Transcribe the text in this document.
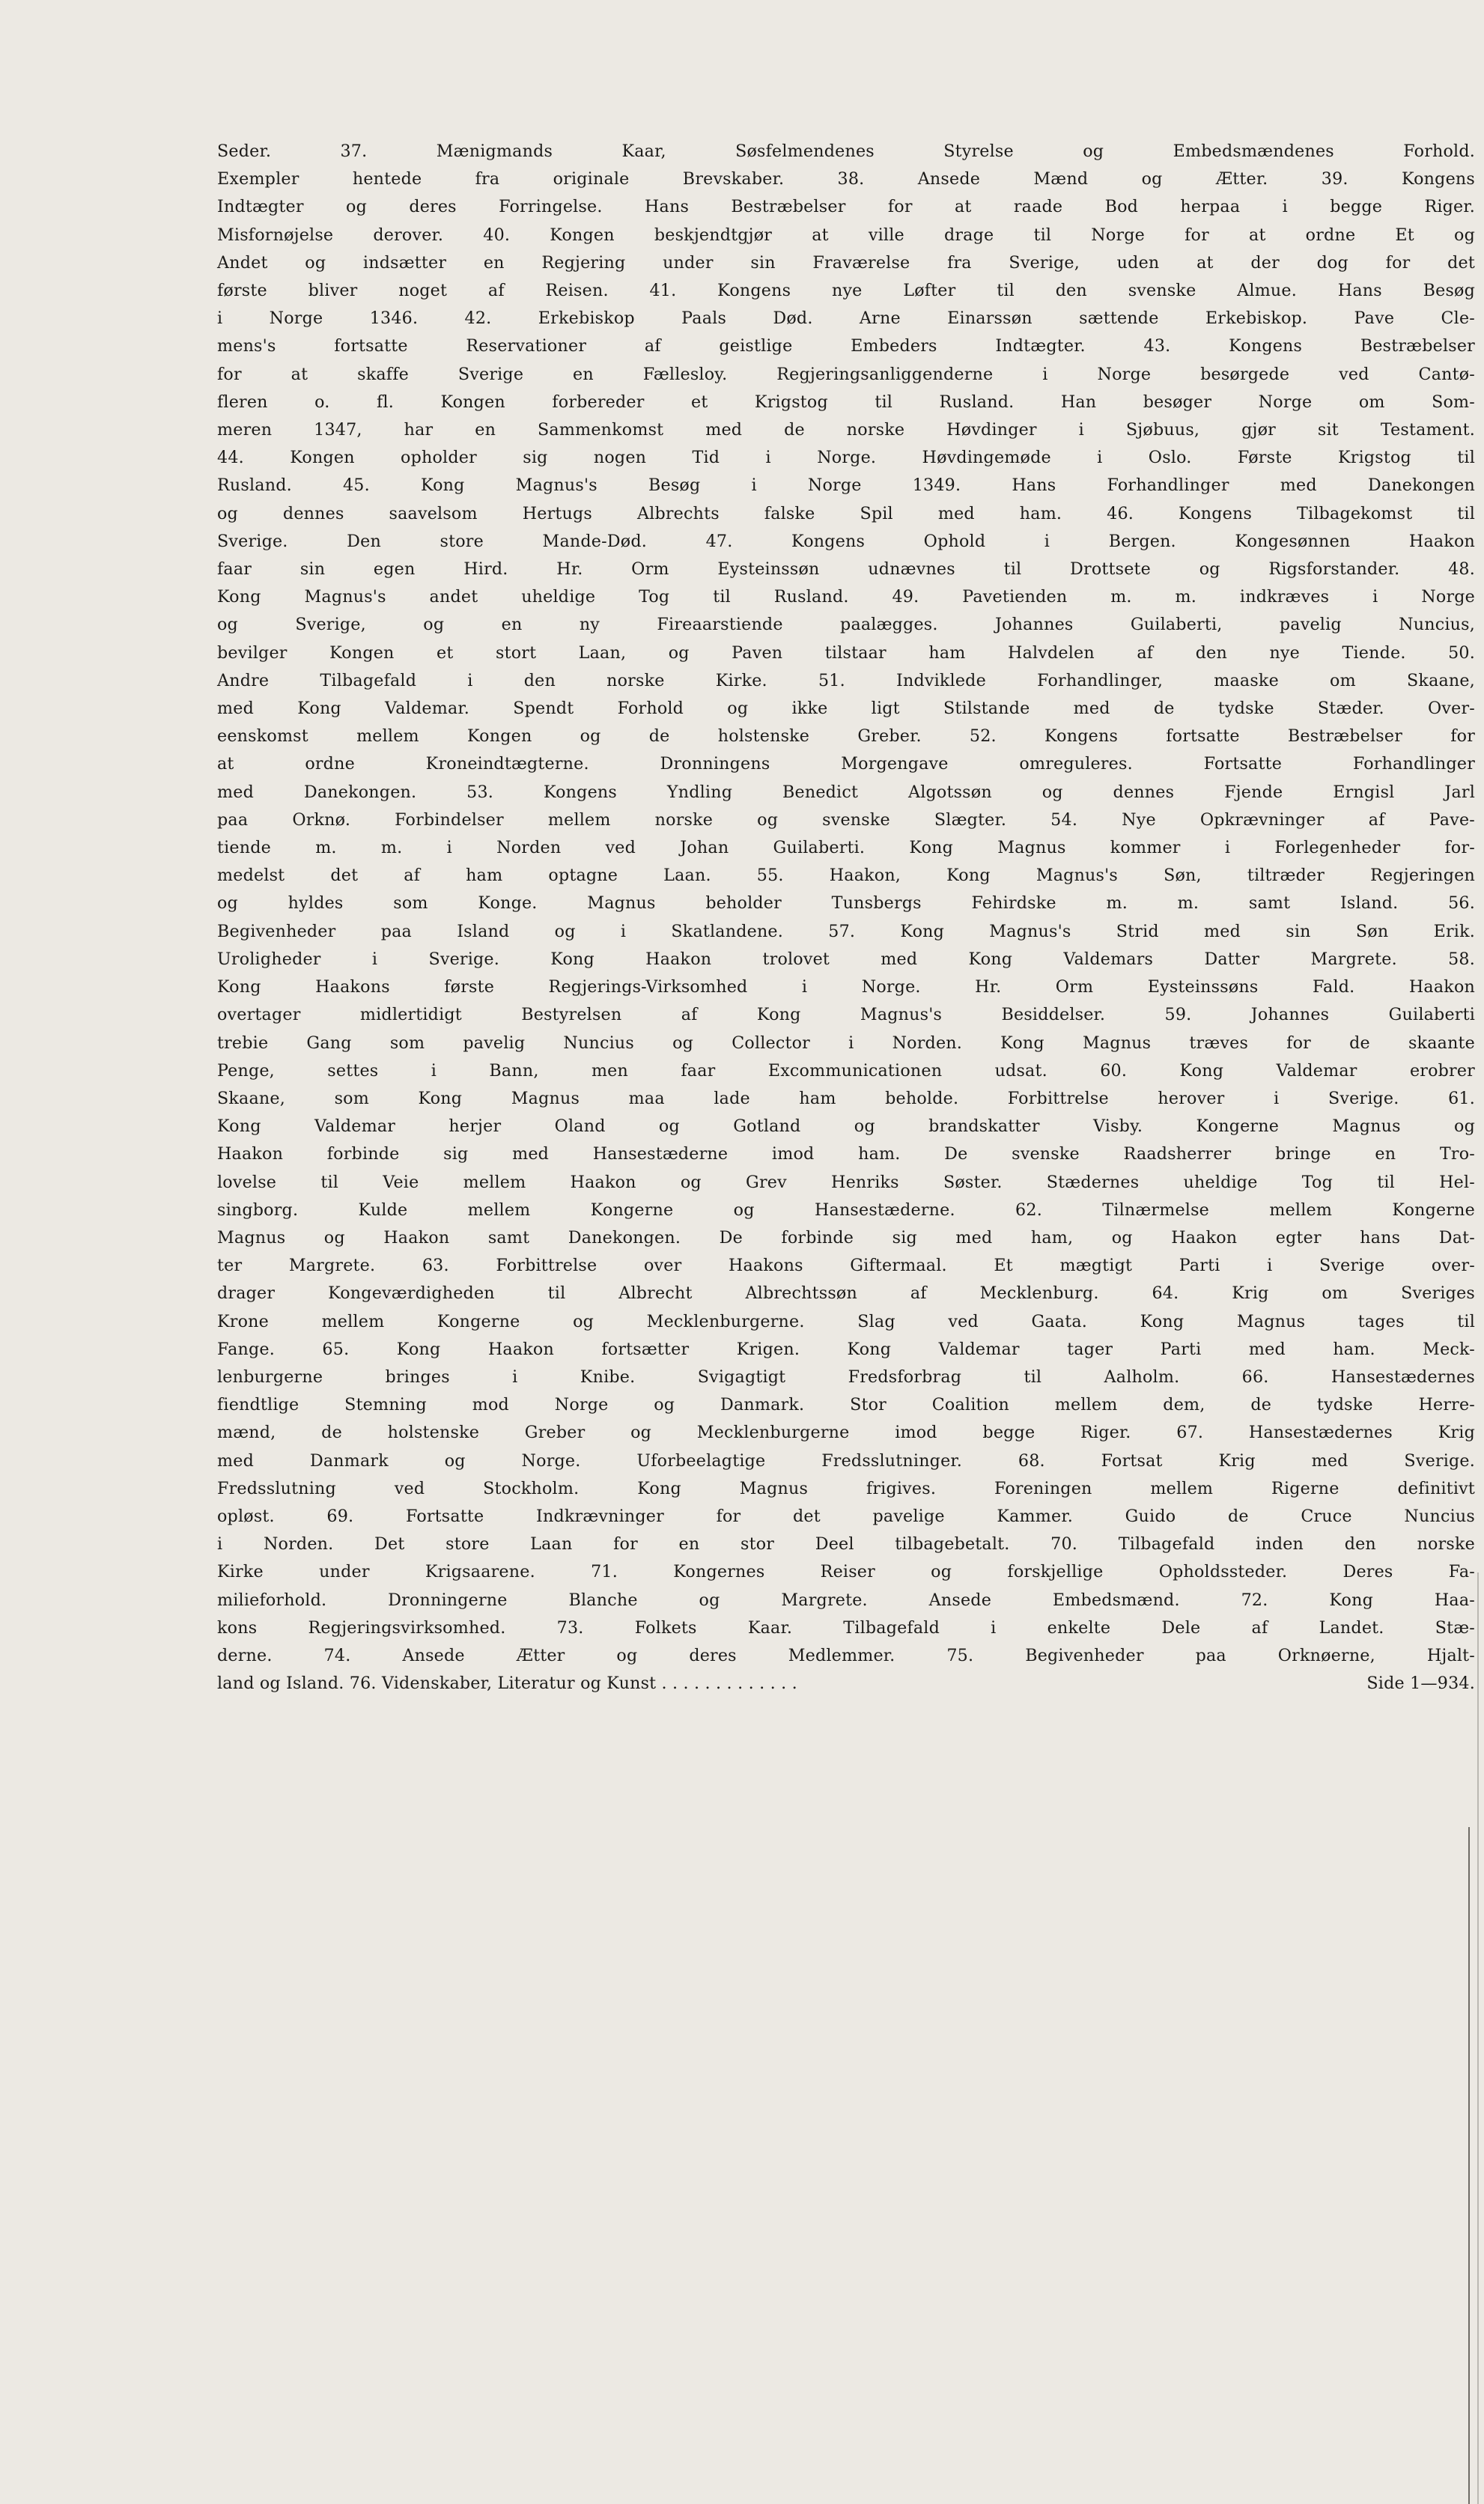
Seder. 37. Mænigmands Kaar, Søsfelmendenes Styrelse og Embedsmændenes Forhold.
Exempler hentede fra originale Brevskaber. 38. Ansede Mænd og Ætter. 39. Kongens
Indtægter og deres Forringelse. Hans Bestræbelser for at raade Bod herpaa i begge Riger.
Misfornøjelse derover. 40. Kongen beskjendtgjør at ville drage til Norge for at ordne Et og
Andet og indsætter en Regjering under sin Fraværelse fra Sverige, uden at der dog for det
første bliver noget af Reisen. 41. Kongens nye Løfter til den svenske Almue. Hans Besøg
i Norge 1346. 42. Erkebiskop Paals Død. Arne Einarssøn sættende Erkebiskop. Pave Cle-
mens's fortsatte Reservationer af geistlige Embeders Indtægter. 43. Kongens Bestræbelser
for at skaffe Sverige en Fællesloy. Regjeringsanliggenderne i Norge besørgede ved Cantø-
fleren o. fl. Kongen forbereder et Krigstog til Rusland. Han besøger Norge om Som-
meren 1347, har en Sammenkomst med de norske Høvdinger i Sjøbuus, gjør sit Testament.
44. Kongen opholder sig nogen Tid i Norge. Høvdingemøde i Oslo. Første Krigstog til
Rusland. 45. Kong Magnus's Besøg i Norge 1349. Hans Forhandlinger med Danekongen
og dennes saavelsom Hertugs Albrechts falske Spil med ham. 46. Kongens Tilbagekomst til
Sverige. Den store Mande-Død. 47. Kongens Ophold i Bergen. Kongesønnen Haakon
faar sin egen Hird. Hr. Orm Eysteinssøn udnævnes til Drottsete og Rigsforstander. 48.
Kong Magnus's andet uheldige Tog til Rusland. 49. Pavetienden m. m. indkræves i Norge
og Sverige, og en ny Fireaarstiende paalægges. Johannes Guilaberti, pavelig Nuncius,
bevilger Kongen et stort Laan, og Paven tilstaar ham Halvdelen af den nye Tiende. 50.
Andre Tilbagefald i den norske Kirke. 51. Indviklede Forhandlinger, maaske om Skaane,
med Kong Valdemar. Spendt Forhold og ikke ligt Stilstande med de tydske Stæder. Over-
eenskomst mellem Kongen og de holstenske Greber. 52. Kongens fortsatte Bestræbelser for
at ordne Kroneindtægterne. Dronningens Morgengave omreguleres. Fortsatte Forhandlinger
med Danekongen. 53. Kongens Yndling Benedict Algotssøn og dennes Fjende Erngisl Jarl
paa Orknø. Forbindelser mellem norske og svenske Slægter. 54. Nye Opkrævninger af Pave-
tiende m. m. i Norden ved Johan Guilaberti. Kong Magnus kommer i Forlegenheder for-
medelst det af ham optagne Laan. 55. Haakon, Kong Magnus's Søn, tiltræder Regjeringen
og hyldes som Konge. Magnus beholder Tunsbergs Fehirdske m. m. samt Island. 56.
Begivenheder paa Island og i Skatlandene. 57. Kong Magnus's Strid med sin Søn Erik.
Uroligheder i Sverige. Kong Haakon trolovet med Kong Valdemars Datter Margrete. 58.
Kong Haakons første Regjerings-Virksomhed i Norge. Hr. Orm Eysteinssøns Fald. Haakon
overtager midlertidigt Bestyrelsen af Kong Magnus's Besiddelser. 59. Johannes Guilaberti
trebie Gang som pavelig Nuncius og Collector i Norden. Kong Magnus træves for de skaante
Penge, settes i Bann, men faar Excommunicationen udsat. 60. Kong Valdemar erobrer
Skaane, som Kong Magnus maa lade ham beholde. Forbittrelse herover i Sverige. 61.
Kong Valdemar herjer Oland og Gotland og brandskatter Visby. Kongerne Magnus og
Haakon forbinde sig med Hansestæderne imod ham. De svenske Raadsherrer bringe en Tro-
lovelse til Veie mellem Haakon og Grev Henriks Søster. Stædernes uheldige Tog til Hel-
singborg. Kulde mellem Kongerne og Hansestæderne. 62. Tilnærmelse mellem Kongerne
Magnus og Haakon samt Danekongen. De forbinde sig med ham, og Haakon egter hans Dat-
ter Margrete. 63. Forbittrelse over Haakons Giftermaal. Et mægtigt Parti i Sverige over-
drager Kongeværdigheden til Albrecht Albrechtssøn af Mecklenburg. 64. Krig om Sveriges
Krone mellem Kongerne og Mecklenburgerne. Slag ved Gaata. Kong Magnus tages til
Fange. 65. Kong Haakon fortsætter Krigen. Kong Valdemar tager Parti med ham. Meck-
lenburgerne bringes i Knibe. Svigagtigt Fredsforbrag til Aalholm. 66. Hansestædernes
fiendtlige Stemning mod Norge og Danmark. Stor Coalition mellem dem, de tydske Herre-
mænd, de holstenske Greber og Mecklenburgerne imod begge Riger. 67. Hansestædernes Krig
med Danmark og Norge. Uforbeelagtige Fredsslutninger. 68. Fortsat Krig med Sverige.
Fredsslutning ved Stockholm. Kong Magnus frigives. Foreningen mellem Rigerne definitivt
opløst. 69. Fortsatte Indkrævninger for det pavelige Kammer. Guido de Cruce Nuncius
i Norden. Det store Laan for en stor Deel tilbagebetalt. 70. Tilbagefald inden den norske
Kirke under Krigsaarene. 71. Kongernes Reiser og forskjellige Opholdssteder. Deres Fa-
milieforhold. Dronningerne Blanche og Margrete. Ansede Embedsmænd. 72. Kong Haa-
kons Regjeringsvirksomhed. 73. Folkets Kaar. Tilbagefald i enkelte Dele af Landet. Stæ-
derne. 74. Ansede Ætter og deres Medlemmer. 75. Begivenheder paa Orknøerne, Hjalt-
land og Island. 76. Videnskaber, Literatur og Kunst . . . . . . . . . . . . .	Side 1—934.
